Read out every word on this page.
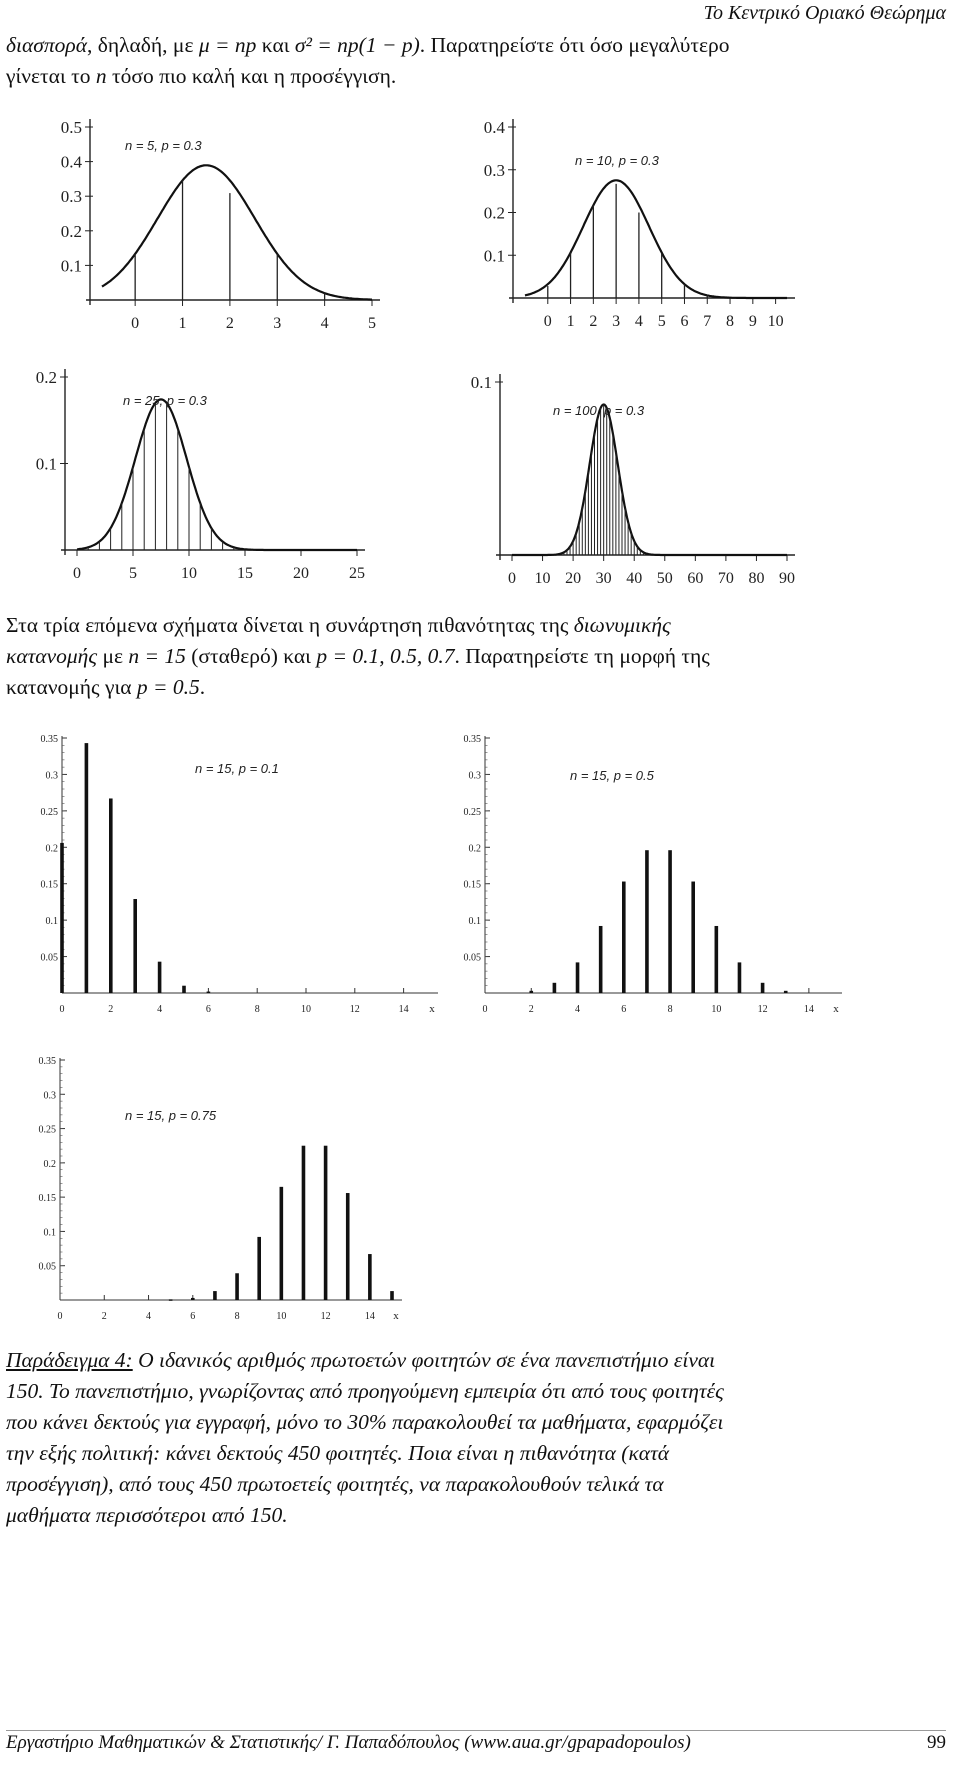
Το Κεντρικό Οριακό Θεώρημα

διασπορά, δηλαδή, με μ = np και σ² = np(1 − p). Παρατηρείστε ότι όσο μεγαλύτερο
γίνεται το n τόσο πιο καλή και η προσέγγιση.

0.5
0.4
0.3
0.2
0.1
0 1 2 3 4 5
n = 5, p = 0.3
0.4
0.3
0.2
0.1
0 1 2 3 4 5 6 7 8 9 10
n = 10, p = 0.3
0.2
0.1
0	5	10	15	20	25
n = 25, p = 0.3
0.1
0 10 20 30 40 50 60 70 80 90
n = 100, p = 0.3

Στα τρία επόμενα σχήματα δίνεται η συνάρτηση πιθανότητας της διωνυμικής
κατανομής με n = 15 (σταθερό) και p = 0.1, 0.5, 0.7. Παρατηρείστε τη μορφή της
κατανομής για p = 0.5.

0.35
0.3
0.25
0.2
0.15
0.1
0.05
0	2	4	6	8	10	12	14 x
n = 15, p = 0.1
0.35
0.3
0.25
0.2
0.15
0.1
0.05
0	2	4	6	8	10	12	14 x
n = 15, p = 0.5
0.35
0.3
0.25
0.2
0.15
0.1
0.05
0	2	4	6	8	10	12	14 x
n = 15, p = 0.75

Παράδειγμα 4: Ο ιδανικός αριθμός πρωτοετών φοιτητών σε ένα πανεπιστήμιο είναι
150. Το πανεπιστήμιο, γνωρίζοντας από προηγούμενη εμπειρία ότι από τους φοιτητές
που κάνει δεκτούς για εγγραφή, μόνο το 30% παρακολουθεί τα μαθήματα, εφαρμόζει
την εξής πολιτική: κάνει δεκτούς 450 φοιτητές. Ποια είναι η πιθανότητα (κατά
προσέγγιση), από τους 450 πρωτοετείς φοιτητές, να παρακολουθούν τελικά τα
μαθήματα περισσότεροι από 150.

Εργαστήριο Μαθηματικών & Στατιστικής/ Γ. Παπαδόπουλος (www.aua.gr/gpapadopoulos)	99
